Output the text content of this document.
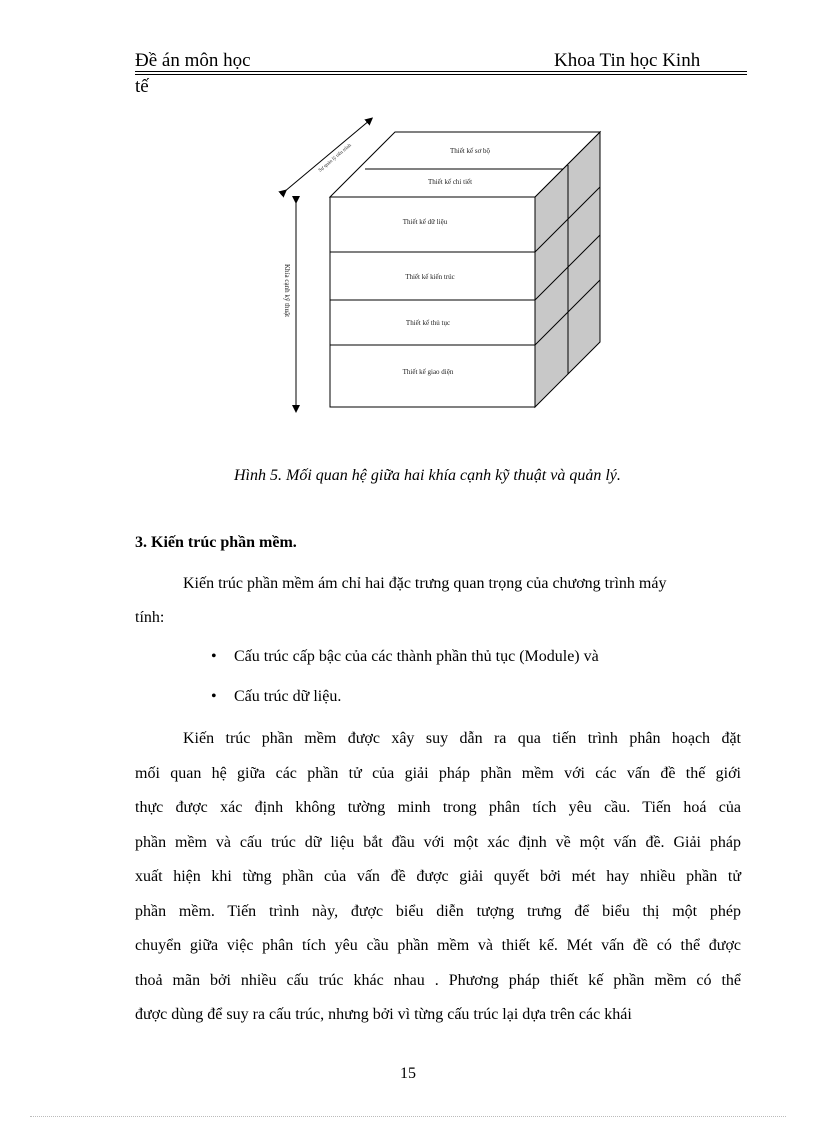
Đề án môn học	Khoa Tin học Kinh
tế
Thiết kế sơ bộ
Thiết kế chi tiết
Thiết kế dữ liệu
Thiết kế kiến trúc
Thiết kế thủ tục
Thiết kế giao diện
Khía cạnh kỹ thuật
Sự quản lý tiến trình
Hình 5. Mối quan hệ giữa hai khía cạnh kỹ thuật và quản lý.
3. Kiến trúc phần mềm.
Kiến trúc phần mềm ám chỉ hai đặc trưng quan trọng của chương trình máy
tính:
• Cấu trúc cấp bậc của các thành phần thủ tục (Module) và
• Cấu trúc dữ liệu.
Kiến trúc phần mềm được xây suy dẫn ra qua tiến trình phân hoạch đặt
mối quan hệ giữa các phần tử của giải pháp phần mềm với các vấn đề thế giới
thực được xác định không tường minh trong phân tích yêu cầu. Tiến hoá của
phần mềm và cấu trúc dữ liệu bắt đầu với một xác định về một vấn đề. Giải pháp
xuất hiện khi từng phần của vấn đề được giải quyết bởi mét hay nhiều phần tử
phần mềm. Tiến trình này, được biểu diễn tượng trưng để biểu thị một phép
chuyển giữa việc phân tích yêu cầu phần mềm và thiết kế. Mét vấn đề có thể được
thoả mãn bởi nhiều cấu trúc khác nhau . Phương pháp thiết kế phần mềm có thể
được dùng để suy ra cấu trúc, nhưng bởi vì từng cấu trúc lại dựa trên các khái
15
